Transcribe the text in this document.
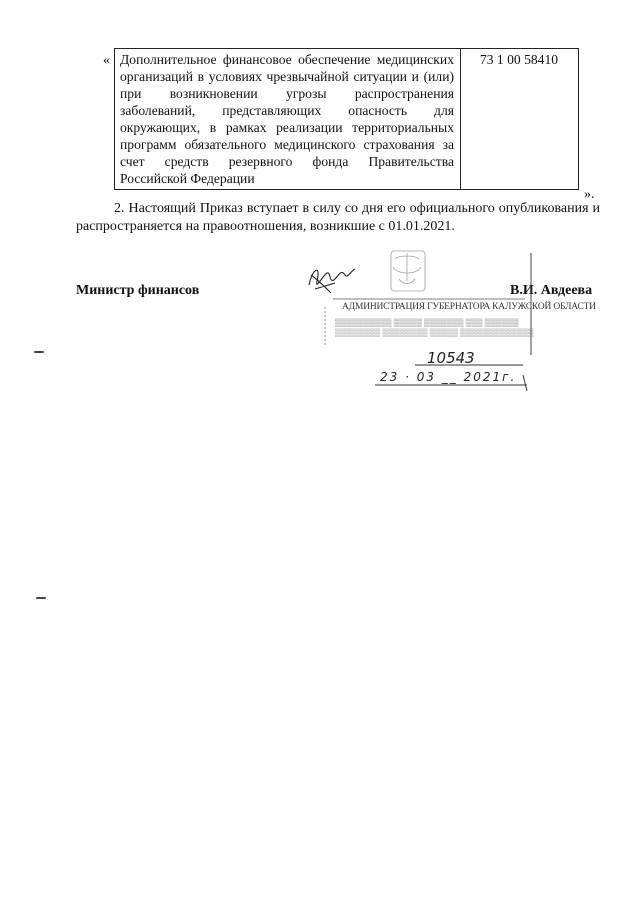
« Дополнительное финансовое обеспечение медицинских организаций в условиях чрезвычайной ситуации и (или) при возникновении угрозы распространения заболеваний, представляющих опасность для окружающих, в рамках реализации территориальных программ обязательного медицинского страхования за счет средств резервного фонда Правительства Российской Федерации	73 1 00 58410
».

2. Настоящий Приказ вступает в силу со дня его официального опубликования и распространяется на правоотношения, возникшие с 01.01.2021.

Министр финансов	В.И. Авдеева
АДМИНИСТРАЦИЯ ГУБЕРНАТОРА КАЛУЖСКОЙ ОБЛАСТИ
▒▒▒▒▒▒▒▒▒▒ ▒▒▒▒▒ ▒▒▒▒▒▒▒ ▒▒▒ ▒▒▒▒▒▒
▒▒▒▒▒▒▒▒ ▒▒▒▒▒▒▒▒ ▒▒▒▒▒ ▒▒▒▒▒▒▒▒▒▒▒▒▒
10543
23 · 03 __ 2021г.
